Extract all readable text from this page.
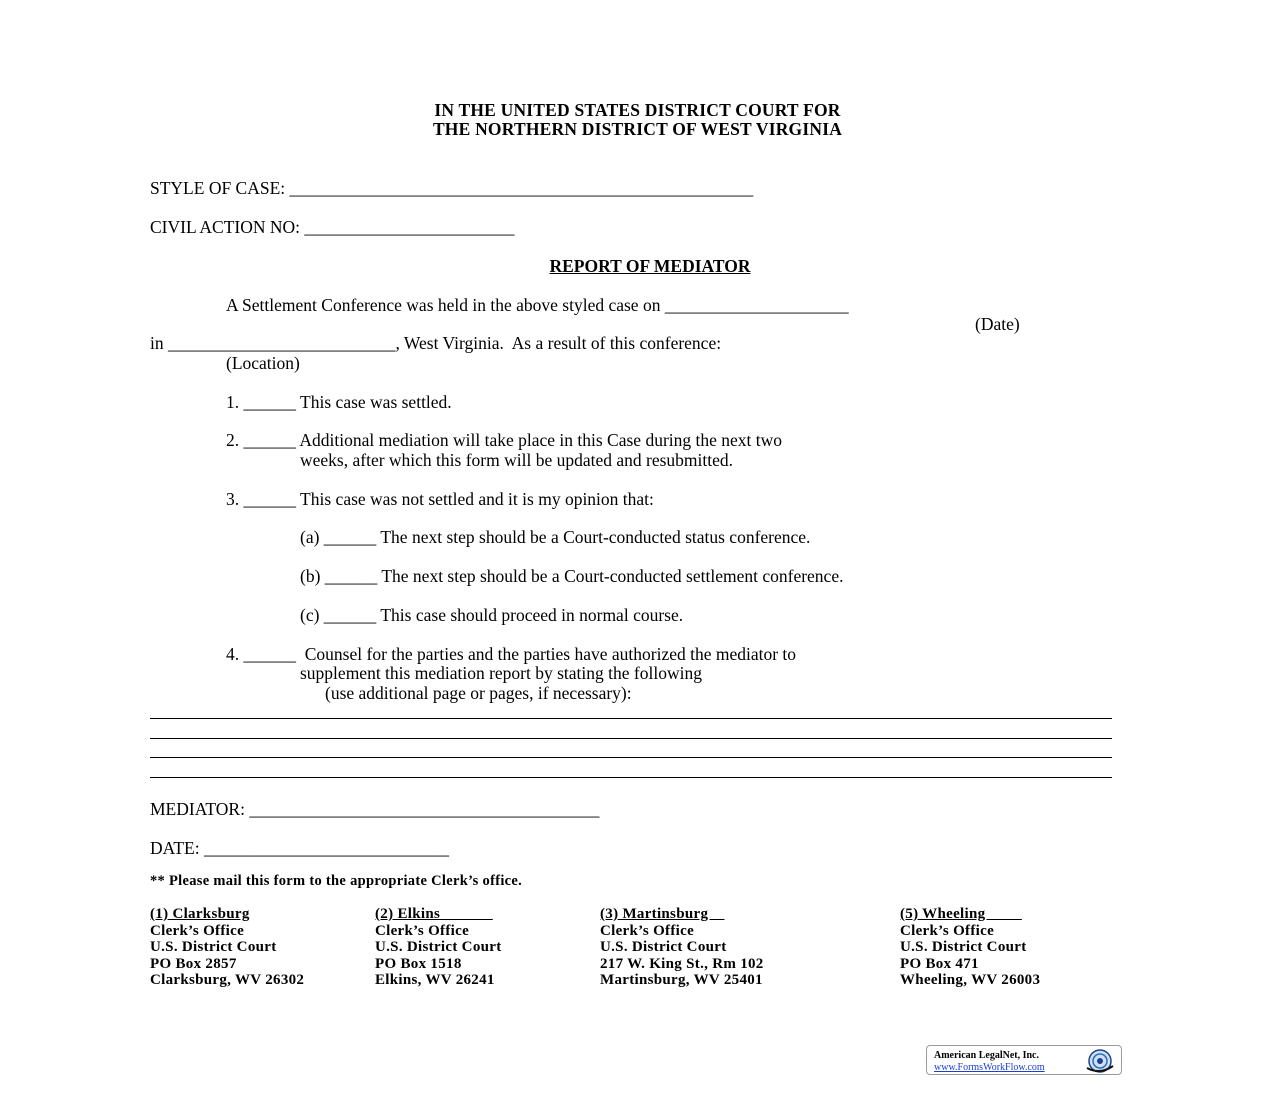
IN THE UNITED STATES DISTRICT COURT FOR
THE NORTHERN DISTRICT OF WEST VIRGINIA
STYLE OF CASE: _____________________________________________________
CIVIL ACTION NO: ________________________
REPORT OF MEDIATOR
A Settlement Conference was held in the above styled case on _____________________
(Date)
in __________________________, West Virginia.  As a result of this conference:
(Location)
1. ______ This case was settled.
2. ______ Additional mediation will take place in this Case during the next two
weeks, after which this form will be updated and resubmitted.
3. ______ This case was not settled and it is my opinion that:
(a) ______ The next step should be a Court-conducted status conference.
(b) ______ The next step should be a Court-conducted settlement conference.
(c) ______ This case should proceed in normal course.
4. ______  Counsel for the parties and the parties have authorized the mediator to
supplement this mediation report by stating the following
(use additional page or pages, if necessary):
MEDIATOR: ________________________________________
DATE: ____________________________
** Please mail this form to the appropriate Clerk’s office.
(1) Clarksburg
Clerk’s Office
U.S. District Court
PO Box 2857
Clarksburg, WV 26302
(2) Elkins
Clerk’s Office
U.S. District Court
PO Box 1518
Elkins, WV 26241
(3) Martinsburg
Clerk’s Office
U.S. District Court
217 W. King St., Rm 102
Martinsburg, WV 25401
(5) Wheeling
Clerk’s Office
U.S. District Court
PO Box 471
Wheeling, WV 26003
American LegalNet, Inc.
www.FormsWorkFlow.com
